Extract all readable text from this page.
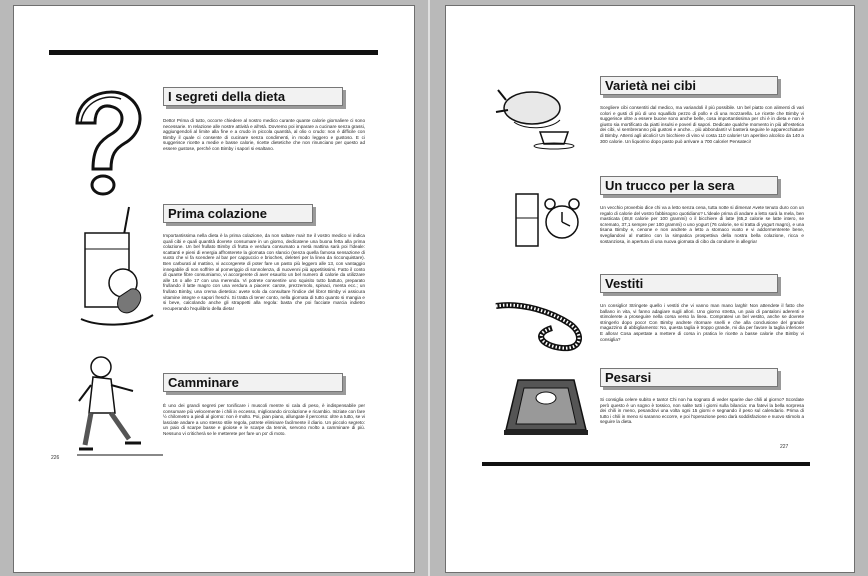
I segreti della dieta
Detto! Prima di tutto, occorre chiedere al nostro medico curante quante calorie giornaliere ci sono necessarie. In relazione alle nostre attività e all'età. Dovremo poi imparare a cucinare senza grassi, aggiungendoli al limite alla fine e a crudo in piccola quantità, al olio o crudo: non è difficile con Bimby il quale ci consente di cucinare senza condimenti, in modo leggero e gustoso. E ci suggerisce ricette a medie e basse calorie, ricette dietetiche che non rinunciano per questo ad essere gustose, perché con Bimby i sapori si esaltano.
Prima colazione
Importantissima nella dieta è la prima colazione, da non saltare mai! Se il vostro medico vi indica quali cibi e quali quantità dovrete consumare in un giorno, dedicatene una buona fetta alla prima colazione. Un bel frullato Bimby di frutta e verdura consumato a metà mattina sarà poi l'ideale: scattanti e pieni di energia affronterete la giornata con slancio (senza quella famosa sensazione di vuoto che vi fa scendere al bar per cappuccio e brioches, deleteri per la linea da ricconquistare). Ben carburati al mattino, vi accorgerete di poter fare un pasto più leggero alle 13, con vantaggio innegabile di non soffrire al pomeriggio di sonnolenza, di nuovenni più appetitissimi. Fatto il conto di quante fibre consumiamo, vi accorgerete di aver esaurito un bel numero di calorie da utilizzare alle 16 o alle 17 con una merenda. Vi potrete consentire uno squisito tutto battuto, preparato frullando il latte magro con una verdura a piacere: carote, prezzemolo, spinaci, menta ecc.; un frullato Bimby, una crema dietetica: avete solo da consultare l'indice del libro! Bimby vi assicura vitamine integre e sapori freschi. Si tratta di tener conto, nella giornata di tutto quanto si mangia e si beve, calcolando anche gli strappetti alla regola: basta che poi facciate marcia indietro recuperando l'equilibrio della dieta!
Camminare
È uno dei grandi segreti per tonificare i muscoli mentre si cala di peso, è indispensabile per consumare più velocemente i chili in eccesso, migliorando circolazione e ricambio. Iniziate con fare ½ chilometro a piedi al giorno: non è molto. Poi, pian piano, allungate il percorso: oltre a tutto, se vi lasciate andare a uno stesso stile regola, potrete eliminare facilmente il diario. Un piccolo segreto: un paio di scarpe basse e gioiose e le scarpe da tennis, servono molto a camminare di più. Nessuno vi criticherà se le metterete per fare un po' di moto.
226
Varietà nei cibi
Scegliere cibi consentiti dal medico, ma variandoli il più possibile. Un bel piatto con alimenti di vari colori e gusti di più di uno squallido pezzo di pollo e di una mozzarella. Le ricette che Bimby vi suggerisce oltre a essere buone sono anche belle, cosa importantissima per chi è in dieta e non è giusto sia mortificato da piatti insulsi e poveri di sapori. Dedicate qualche momento in più all'estetica dei cibi, vi sembreranno più gustosi e anche... più abbondanti! vi basterà seguire le apparecchiature di Bimby. Attenti agli alcolici! Un bicchiere di vino vi costa 110 calorie! Un aperitivo alcolico da 140 a 300 calorie. Un liquorino dopo pasto può arrivare a 700 calorie! Pensateci!
Un trucco per la sera
Un vecchio proverbio dice chi va a letto senza cena, tutta notte si dimena! Avete tenuto duro con un regalo di calorie del vostro fabbisogno quotidiano? L'ideale prima di andare a letto sarà la mela, ben masticata (48,8 calorie per 100 grammi) o il bicchiere di latte (65,2 calorie se latte intero, se scremato, 37,1 sempre per 100 grammi) o uno yogurt (76 calorie, se si tratta di yogurt magro), e una tisana Bimby e, cenone e non andrete a letto a stomaco vuoto e vi addormenterete bene, svegliandovi al mattino con la simpatica prospettiva della nostra bella colazione, ricca e sostanziosa, in apertura di una nuova giornata di cibo da condurre in allegria!
Vestiti
Un consiglio! Stringete quello i vestiti che vi vanno man mano larghi! Non attendete il fatto che ballano in vita, vi fanno adagiare sugli allori. Uno giorno stretta, un paio di pantaloni aderenti e stimolerete a proseguire nella corsa verso la linea. Compratevi un bel vestito, anche se dovrete stringerlo dopo poco! Con Bimby andrete ritornare snelli e che alla conclusione del grande magazzino di abbigliamento: No, questa taglia è troppo grande, mi dia per favore la taglia inferiore! E allora! Cosa aspettate a mettere di corsa in pratica le ricette a basse calorie che Bimby vi consiglia?
Pesarsi
Si consiglia celere subito e tanto! Chi non ha sognato di veder sparire due chili al giorno? Scordate però questo è un sogno è tossico, non salite tutti i giorni sulla bilancia: ma fatevi la bella sorpresa dei chili in meno, pesandovi una volta ogni 15 giorni e segnando il peso sul calendario. Prima di tutto i chili in meno si saranno eccorre, e poi l'operazione peso darà soddisfazione e nuovo stimolo a seguire la dieta.
227
